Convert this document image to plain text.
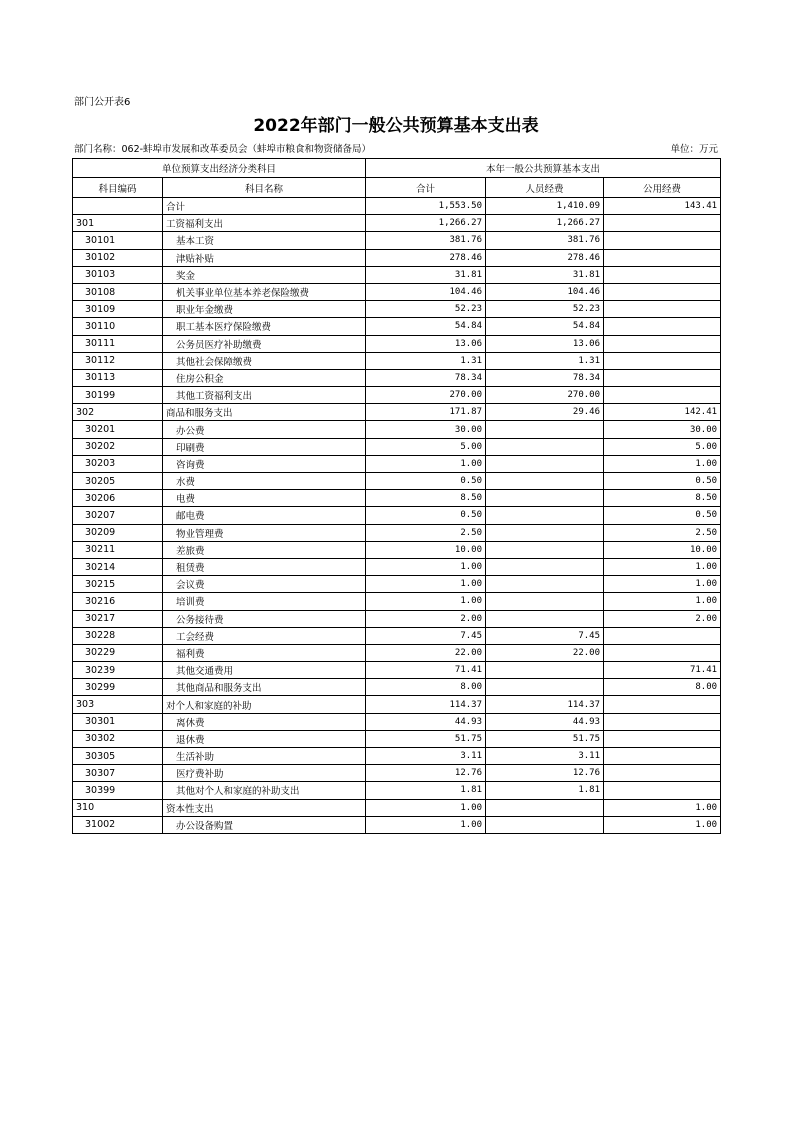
部门公开表6
2022年部门一般公共预算基本支出表
部门名称：062-蚌埠市发展和改革委员会（蚌埠市粮食和物资储备局）	单位：万元
单位预算支出经济分类科目		本年一般公共预算基本支出		
科目编码	科目名称	合计	人员经费	公用经费
	合计	1,553.50	1,410.09	143.41
301	工资福利支出	1,266.27	1,266.27	
30101	基本工资	381.76	381.76	
30102	津贴补贴	278.46	278.46	
30103	奖金	31.81	31.81	
30108	机关事业单位基本养老保险缴费	104.46	104.46	
30109	职业年金缴费	52.23	52.23	
30110	职工基本医疗保险缴费	54.84	54.84	
30111	公务员医疗补助缴费	13.06	13.06	
30112	其他社会保障缴费	1.31	1.31	
30113	住房公积金	78.34	78.34	
30199	其他工资福利支出	270.00	270.00	
302	商品和服务支出	171.87	29.46	142.41
30201	办公费	30.00		30.00
30202	印刷费	5.00		5.00
30203	咨询费	1.00		1.00
30205	水费	0.50		0.50
30206	电费	8.50		8.50
30207	邮电费	0.50		0.50
30209	物业管理费	2.50		2.50
30211	差旅费	10.00		10.00
30214	租赁费	1.00		1.00
30215	会议费	1.00		1.00
30216	培训费	1.00		1.00
30217	公务接待费	2.00		2.00
30228	工会经费	7.45	7.45	
30229	福利费	22.00	22.00	
30239	其他交通费用	71.41		71.41
30299	其他商品和服务支出	8.00		8.00
303	对个人和家庭的补助	114.37	114.37	
30301	离休费	44.93	44.93	
30302	退休费	51.75	51.75	
30305	生活补助	3.11	3.11	
30307	医疗费补助	12.76	12.76	
30399	其他对个人和家庭的补助支出	1.81	1.81	
310	资本性支出	1.00		1.00
31002	办公设备购置	1.00		1.00
